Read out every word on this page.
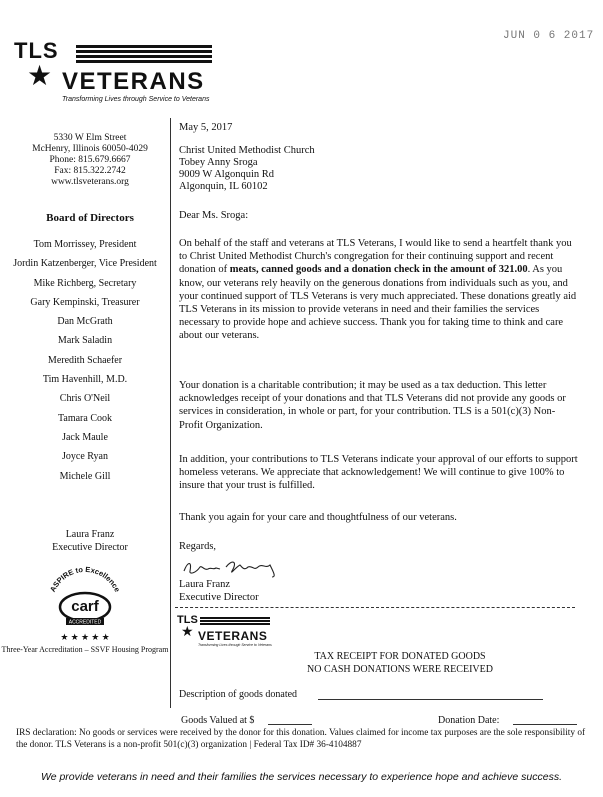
JUN 0 6 2017
TLS
★ VETERANS
Transforming Lives through Service to Veterans
5330 W Elm Street
McHenry, Illinois 60050-4029
Phone: 815.679.6667
Fax: 815.322.2742
www.tlsveterans.org
Board of Directors
Tom Morrissey, President
Jordin Katzenberger, Vice President
Mike Richberg, Secretary
Gary Kempinski, Treasurer
Dan McGrath
Mark Saladin
Meredith Schaefer
Tim Havenhill, M.D.
Chris O'Neil
Tamara Cook
Jack Maule
Joyce Ryan
Michele Gill
Laura Franz
Executive Director
ASPIRE to Excellence
carf
ACCREDITED
★ ★ ★ ★ ★
Three-Year Accreditation – SSVF Housing Program
May 5, 2017
Christ United Methodist Church
Tobey Anny Sroga
9009 W Algonquin Rd
Algonquin, IL 60102
Dear Ms. Sroga:

On behalf of the staff and veterans at TLS Veterans, I would like to send a heartfelt thank you to Christ United Methodist Church's congregation for their continuing support and recent donation of meats, canned goods and a donation check in the amount of 321.00. As you know, our veterans rely heavily on the generous donations from individuals such as you, and your continued support of TLS Veterans is very much appreciated. These donations greatly aid TLS Veterans in its mission to provide veterans in need and their families the services necessary to provide hope and achieve success. Thank you for taking time to think and care about our veterans.

Your donation is a charitable contribution; it may be used as a tax deduction. This letter acknowledges receipt of your donations and that TLS Veterans did not provide any goods or services in consideration, in whole or part, for your contribution. TLS is a 501(c)(3) Non-Profit Organization.

In addition, your contributions to TLS Veterans indicate your approval of our efforts to support homeless veterans. We appreciate that acknowledgement! We will continue to give 100% to insure that your trust is fulfilled.

Thank you again for your care and thoughtfulness of our veterans.

Regards,
Laura Franz
Executive Director
TLS
★ VETERANS
Transforming Lives through Service to Veterans
TAX RECEIPT FOR DONATED GOODS
NO CASH DONATIONS WERE RECEIVED
Description of goods donated
Goods Valued at $	Donation Date:
IRS declaration: No goods or services were received by the donor for this donation. Values claimed for income tax purposes are the sole responsibility of the donor. TLS Veterans is a non-profit 501(c)(3) organization | Federal Tax ID# 36-4104887
We provide veterans in need and their families the services necessary to experience hope and achieve success.
